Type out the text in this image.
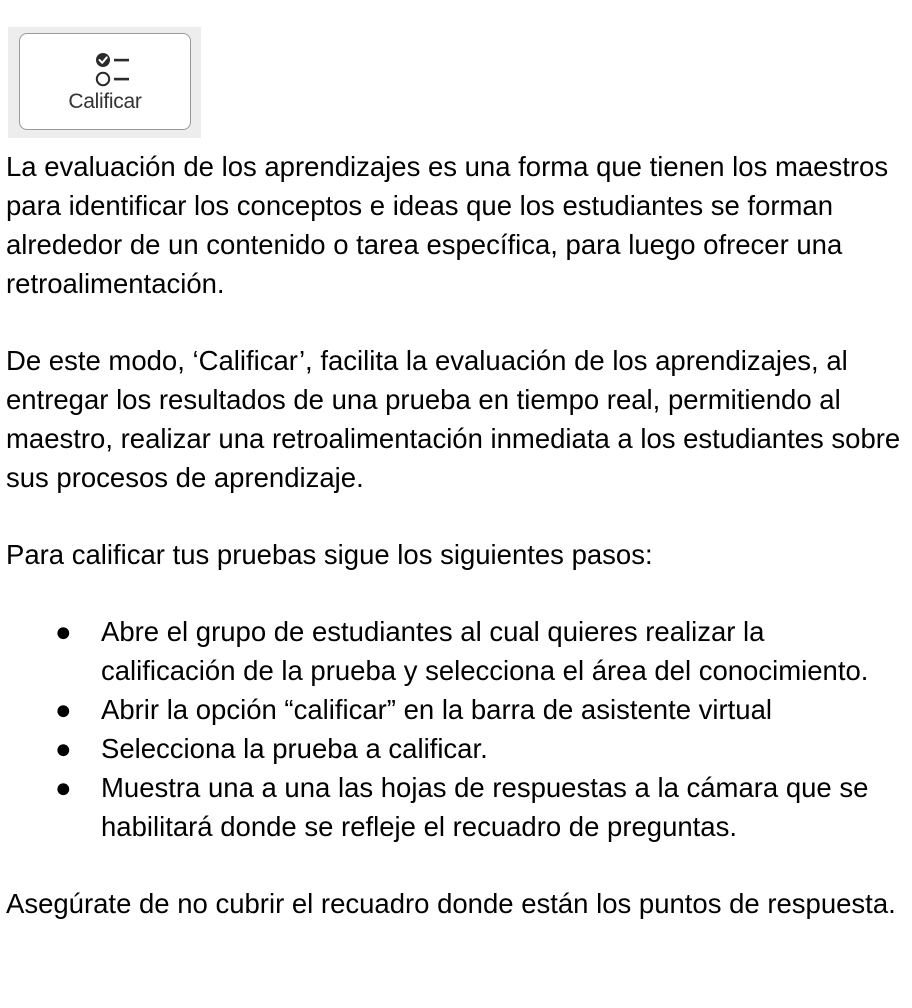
Calificar

La evaluación de los aprendizajes es una forma que tienen los maestros para identificar los conceptos e ideas que los estudiantes se forman alrededor de un contenido o tarea específica, para luego ofrecer una retroalimentación.

De este modo, ‘Calificar’, facilita la evaluación de los aprendizajes, al entregar los resultados de una prueba en tiempo real, permitiendo al maestro, realizar una retroalimentación inmediata a los estudiantes sobre sus procesos de aprendizaje.

Para calificar tus pruebas sigue los siguientes pasos:

● Abre el grupo de estudiantes al cual quieres realizar la calificación de la prueba y selecciona el área del conocimiento.
● Abrir la opción “calificar” en la barra de asistente virtual
● Selecciona la prueba a calificar.
● Muestra una a una las hojas de respuestas a la cámara que se habilitará donde se refleje el recuadro de preguntas.

Asegúrate de no cubrir el recuadro donde están los puntos de respuesta.
